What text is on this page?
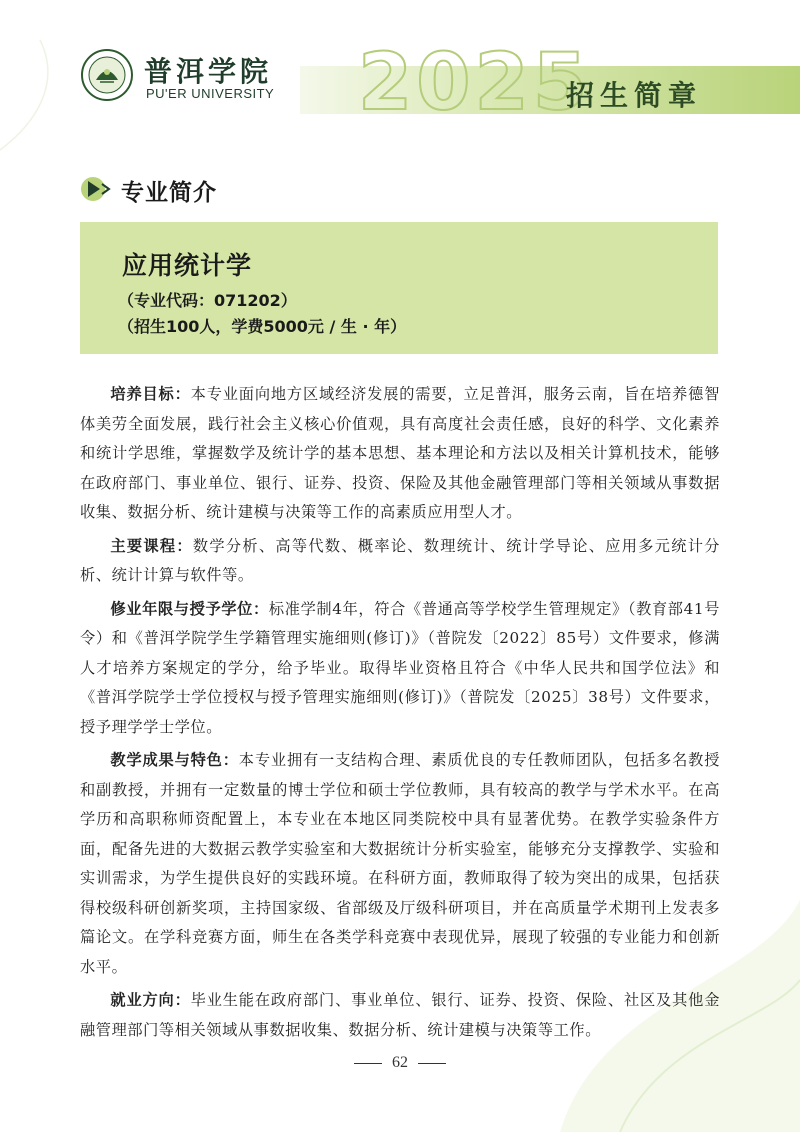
普洱学院
PU'ER UNIVERSITY 2025
招生简章
专业简介
应用统计学
（专业代码：071202）
（招生100人，学费5000元 / 生 · 年）

培养目标：本专业面向地方区域经济发展的需要，立足普洱，服务云南，旨在培养德智体美劳全面发展，践行社会主义核心价值观，具有高度社会责任感，良好的科学、文化素养和统计学思维，掌握数学及统计学的基本思想、基本理论和方法以及相关计算机技术，能够在政府部门、事业单位、银行、证券、投资、保险及其他金融管理部门等相关领域从事数据收集、数据分析、统计建模与决策等工作的高素质应用型人才。

主要课程：数学分析、高等代数、概率论、数理统计、统计学导论、应用多元统计分析、统计计算与软件等。

修业年限与授予学位：标准学制4年，符合《普通高等学校学生管理规定》（教育部41号令）和《普洱学院学生学籍管理实施细则(修订)》（普院发〔2022〕85号）文件要求，修满人才培养方案规定的学分，给予毕业。取得毕业资格且符合《中华人民共和国学位法》和《普洱学院学士学位授权与授予管理实施细则(修订)》（普院发〔2025〕38号）文件要求，授予理学学士学位。

教学成果与特色：本专业拥有一支结构合理、素质优良的专任教师团队，包括多名教授和副教授，并拥有一定数量的博士学位和硕士学位教师，具有较高的教学与学术水平。在高学历和高职称师资配置上，本专业在本地区同类院校中具有显著优势。在教学实验条件方面，配备先进的大数据云教学实验室和大数据统计分析实验室，能够充分支撑教学、实验和实训需求，为学生提供良好的实践环境。在科研方面，教师取得了较为突出的成果，包括获得校级科研创新奖项，主持国家级、省部级及厅级科研项目，并在高质量学术期刊上发表多篇论文。在学科竞赛方面，师生在各类学科竞赛中表现优异，展现了较强的专业能力和创新水平。

就业方向：毕业生能在政府部门、事业单位、银行、证券、投资、保险、社区及其他金融管理部门等相关领域从事数据收集、数据分析、统计建模与决策等工作。

62
